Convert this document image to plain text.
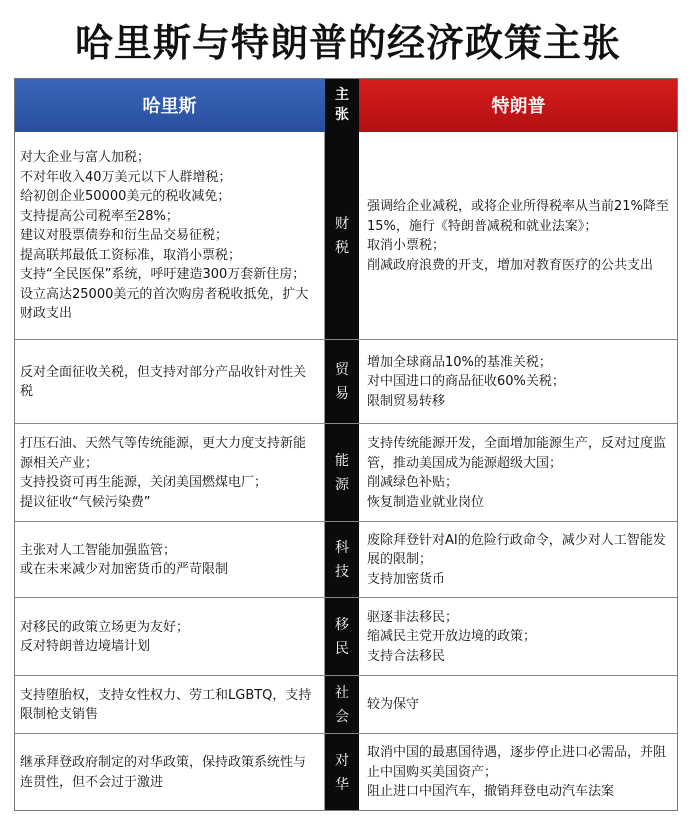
哈里斯与特朗普的经济政策主张
哈里斯
主
张	特朗普
对大企业与富人加税；
不对年收入40万美元以下人群增税；
给初创企业50000美元的税收减免；
支持提高公司税率至28%；
建议对股票债券和衍生品交易征税；
提高联邦最低工资标准，取消小票税；
支持“全民医保”系统，呼吁建造300万套新住房；
设立高达25000美元的首次购房者税收抵免，扩大财政支出
财
税
强调给企业减税，或将企业所得税率从当前21%降至15%，施行《特朗普减税和就业法案》；
取消小票税；
削减政府浪费的开支，增加对教育医疗的公共支出
反对全面征收关税，但支持对部分产品收针对性关税
贸
易
增加全球商品10%的基准关税；
对中国进口的商品征收60%关税；
限制贸易转移
打压石油、天然气等传统能源，更大力度支持新能源相关产业；
支持投资可再生能源，关闭美国燃煤电厂；
提议征收“气候污染费”
能
源
支持传统能源开发，全面增加能源生产，反对过度监管，推动美国成为能源超级大国；
削减绿色补贴；
恢复制造业就业岗位
主张对人工智能加强监管；
或在未来减少对加密货币的严苛限制
科
技
废除拜登针对AI的危险行政命令，减少对人工智能发展的限制；
支持加密货币
对移民的政策立场更为友好；
反对特朗普边境墙计划
移
民
驱逐非法移民；
缩减民主党开放边境的政策；
支持合法移民
支持堕胎权，支持女性权力、劳工和LGBTQ，支持限制枪支销售
社
会
较为保守
继承拜登政府制定的对华政策，保持政策系统性与连贯性，但不会过于激进
对
华
取消中国的最惠国待遇，逐步停止进口必需品，并阻止中国购买美国资产；
阻止进口中国汽车，撤销拜登电动汽车法案
